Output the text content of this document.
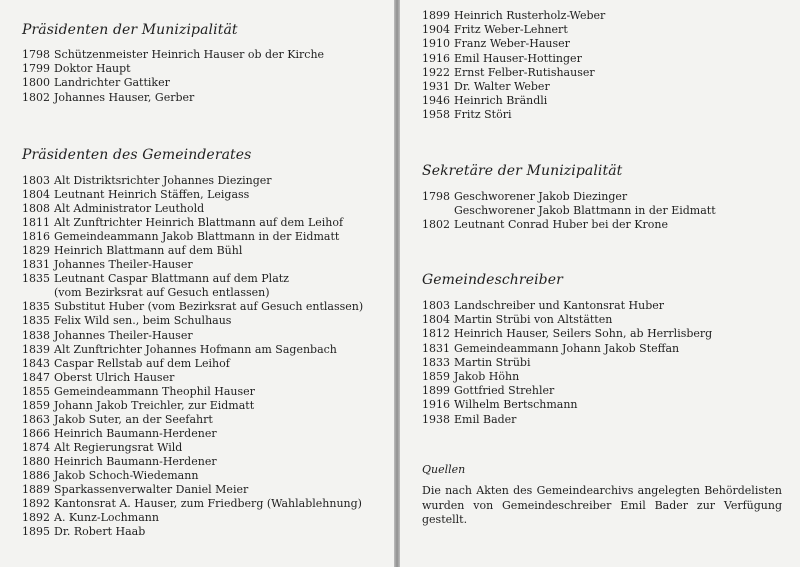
Präsidenten der Munizipalität
1798 Schützenmeister Heinrich Hauser ob der Kirche
1799 Doktor Haupt
1800 Landrichter Gattiker
1802 Johannes Hauser, Gerber
Präsidenten des Gemeinderates
1803 Alt Distriktsrichter Johannes Diezinger
1804 Leutnant Heinrich Stäffen, Leigass
1808 Alt Administrator Leuthold
1811 Alt Zunftrichter Heinrich Blattmann auf dem Leihof
1816 Gemeindeammann Jakob Blattmann in der Eidmatt
1829 Heinrich Blattmann auf dem Bühl
1831 Johannes Theiler-Hauser
1835 Leutnant Caspar Blattmann auf dem Platz
(vom Bezirksrat auf Gesuch entlassen)
1835 Substitut Huber (vom Bezirksrat auf Gesuch entlassen)
1835 Felix Wild sen., beim Schulhaus
1838 Johannes Theiler-Hauser
1839 Alt Zunftrichter Johannes Hofmann am Sagenbach
1843 Caspar Rellstab auf dem Leihof
1847 Oberst Ulrich Hauser
1855 Gemeindeammann Theophil Hauser
1859 Johann Jakob Treichler, zur Eidmatt
1863 Jakob Suter, an der Seefahrt
1866 Heinrich Baumann-Herdener
1874 Alt Regierungsrat Wild
1880 Heinrich Baumann-Herdener
1886 Jakob Schoch-Wiedemann
1889 Sparkassenverwalter Daniel Meier
1892 Kantonsrat A. Hauser, zum Friedberg (Wahlablehnung)
1892 A. Kunz-Lochmann
1895 Dr. Robert Haab
1899 Heinrich Rusterholz-Weber
1904 Fritz Weber-Lehnert
1910 Franz Weber-Hauser
1916 Emil Hauser-Hottinger
1922 Ernst Felber-Rutishauser
1931 Dr. Walter Weber
1946 Heinrich Brändli
1958 Fritz Störi
Sekretäre der Munizipalität
1798 Geschworener Jakob Diezinger
Geschworener Jakob Blattmann in der Eidmatt
1802 Leutnant Conrad Huber bei der Krone
Gemeindeschreiber
1803 Landschreiber und Kantonsrat Huber
1804 Martin Strübi von Altstätten
1812 Heinrich Hauser, Seilers Sohn, ab Herrlisberg
1831 Gemeindeammann Johann Jakob Steffan
1833 Martin Strübi
1859 Jakob Höhn
1899 Gottfried Strehler
1916 Wilhelm Bertschmann
1938 Emil Bader

Quellen

Die nach Akten des Gemeindearchivs angelegten Behördelisten wurden von Gemeindeschreiber Emil Bader zur Verfügung gestellt.
